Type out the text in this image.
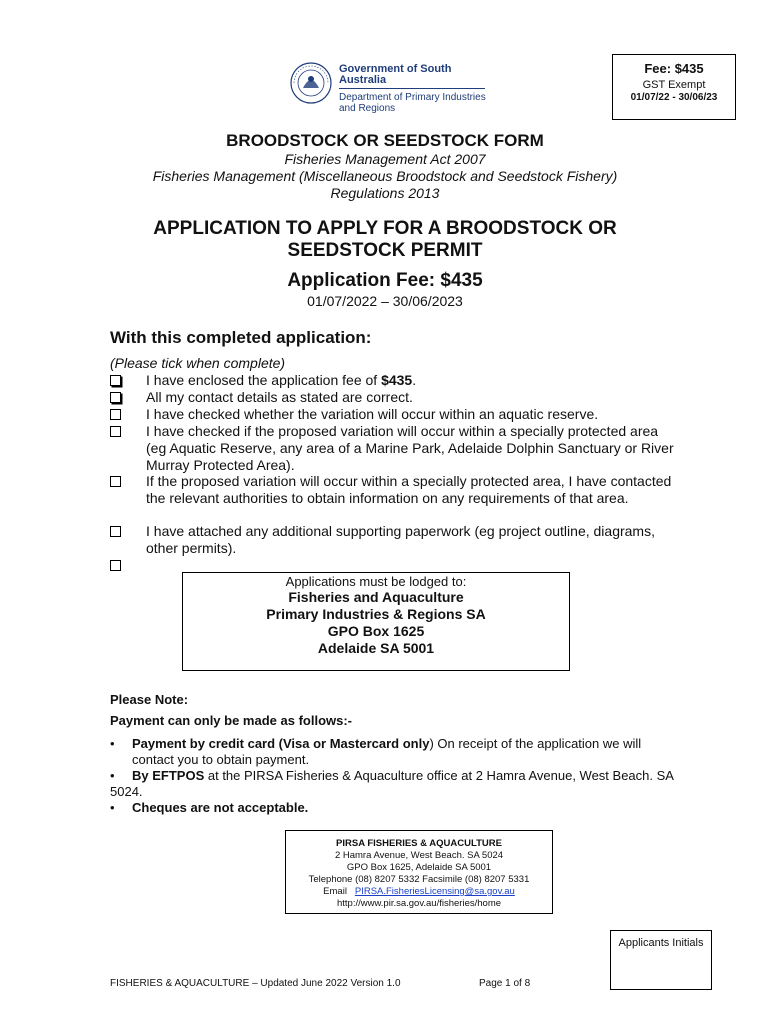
Government of South Australia
Department of Primary Industries
and Regions
Fee: $435
GST Exempt
01/07/22 - 30/06/23
BROODSTOCK OR SEEDSTOCK FORM
Fisheries Management Act 2007
Fisheries Management (Miscellaneous Broodstock and Seedstock Fishery)
Regulations 2013
APPLICATION TO APPLY FOR A BROODSTOCK OR
SEEDSTOCK PERMIT
Application Fee: $435
01/07/2022 – 30/06/2023
With this completed application:
(Please tick when complete)
I have enclosed the application fee of $435.
All my contact details as stated are correct.
I have checked whether the variation will occur within an aquatic reserve.
I have checked if the proposed variation will occur within a specially protected area (eg Aquatic Reserve, any area of a Marine Park, Adelaide Dolphin Sanctuary or River Murray Protected Area).
If the proposed variation will occur within a specially protected area, I have contacted the relevant authorities to obtain information on any requirements of that area.
I have attached any additional supporting paperwork (eg project outline, diagrams, other permits).
Applications must be lodged to:
Fisheries and Aquaculture
Primary Industries & Regions SA
GPO Box 1625
Adelaide SA 5001
Please Note:
Payment can only be made as follows:-
• Payment by credit card (Visa or Mastercard only) On receipt of the application we will contact you to obtain payment.
•	By EFTPOS at the PIRSA Fisheries & Aquaculture office at 2 Hamra Avenue, West Beach. SA 5024.
• Cheques are not acceptable.
PIRSA FISHERIES & AQUACULTURE
2 Hamra Avenue, West Beach. SA 5024
GPO Box 1625, Adelaide SA 5001
Telephone (08) 8207 5332 Facsimile (08) 8207 5331
Email PIRSA.FisheriesLicensing@sa.gov.au
http://www.pir.sa.gov.au/fisheries/home
Applicants Initials
FISHERIES & AQUACULTURE – Updated June 2022 Version 1.0	Page 1 of 8
